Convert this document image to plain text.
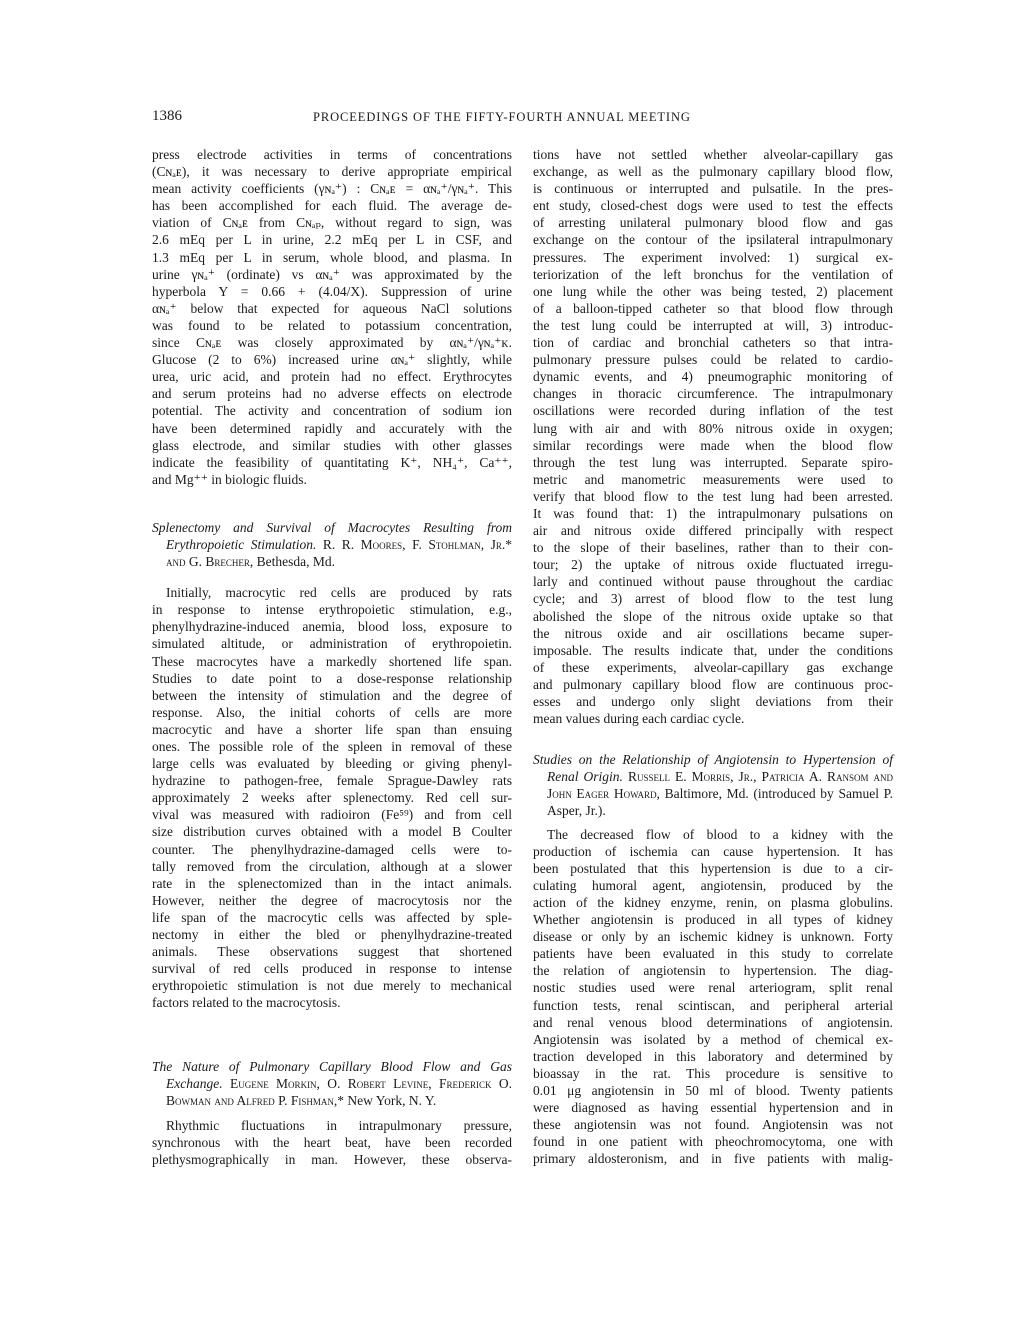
1386	PROCEEDINGS OF THE FIFTY-FOURTH ANNUAL MEETING
press electrode activities in terms of concentrations
(Cɴₐᴇ), it was necessary to derive appropriate empirical
mean activity coefficients (γɴₐ⁺) : Cɴₐᴇ = αɴₐ⁺/γɴₐ⁺. This
has been accomplished for each fluid. The average de-
viation of Cɴₐᴇ from Cɴₐₚ, without regard to sign, was
2.6 mEq per L in urine, 2.2 mEq per L in CSF, and
1.3 mEq per L in serum, whole blood, and plasma. In
urine γɴₐ⁺ (ordinate) vs αɴₐ⁺ was approximated by the
hyperbola Y = 0.66 + (4.04/X). Suppression of urine
αɴₐ⁺ below that expected for aqueous NaCl solutions
was found to be related to potassium concentration,
since Cɴₐᴇ was closely approximated by αɴₐ⁺/γɴₐ⁺ᴋ.
Glucose (2 to 6%) increased urine αɴₐ⁺ slightly, while
urea, uric acid, and protein had no effect. Erythrocytes
and serum proteins had no adverse effects on electrode
potential. The activity and concentration of sodium ion
have been determined rapidly and accurately with the
glass electrode, and similar studies with other glasses
indicate the feasibility of quantitating K⁺, NH₄⁺, Ca⁺⁺,
and Mg⁺⁺ in biologic fluids.
Splenectomy and Survival of Macrocytes Resulting from Erythropoietic Stimulation. R. R. Moores, F. Stohlman, Jr.* and G. Brecher, Bethesda, Md.
Initially, macrocytic red cells are produced by rats
in response to intense erythropoietic stimulation, e.g.,
phenylhydrazine-induced anemia, blood loss, exposure to
simulated altitude, or administration of erythropoietin.
These macrocytes have a markedly shortened life span.
Studies to date point to a dose-response relationship
between the intensity of stimulation and the degree of
response. Also, the initial cohorts of cells are more
macrocytic and have a shorter life span than ensuing
ones. The possible role of the spleen in removal of these
large cells was evaluated by bleeding or giving phenyl-
hydrazine to pathogen-free, female Sprague-Dawley rats
approximately 2 weeks after splenectomy. Red cell sur-
vival was measured with radioiron (Fe⁵⁹) and from cell
size distribution curves obtained with a model B Coulter
counter. The phenylhydrazine-damaged cells were to-
tally removed from the circulation, although at a slower
rate in the splenectomized than in the intact animals.
However, neither the degree of macrocytosis nor the
life span of the macrocytic cells was affected by sple-
nectomy in either the bled or phenylhydrazine-treated
animals. These observations suggest that shortened
survival of red cells produced in response to intense
erythropoietic stimulation is not due merely to mechanical
factors related to the macrocytosis.
The Nature of Pulmonary Capillary Blood Flow and Gas Exchange. Eugene Morkin, O. Robert Levine, Frederick O. Bowman and Alfred P. Fishman,* New York, N. Y.
Rhythmic fluctuations in intrapulmonary pressure,
synchronous with the heart beat, have been recorded
plethysmographically in man. However, these observa-
tions have not settled whether alveolar-capillary gas
exchange, as well as the pulmonary capillary blood flow,
is continuous or interrupted and pulsatile. In the pres-
ent study, closed-chest dogs were used to test the effects
of arresting unilateral pulmonary blood flow and gas
exchange on the contour of the ipsilateral intrapulmonary
pressures. The experiment involved: 1) surgical ex-
teriorization of the left bronchus for the ventilation of
one lung while the other was being tested, 2) placement
of a balloon-tipped catheter so that blood flow through
the test lung could be interrupted at will, 3) introduc-
tion of cardiac and bronchial catheters so that intra-
pulmonary pressure pulses could be related to cardio-
dynamic events, and 4) pneumographic monitoring of
changes in thoracic circumference. The intrapulmonary
oscillations were recorded during inflation of the test
lung with air and with 80% nitrous oxide in oxygen;
similar recordings were made when the blood flow
through the test lung was interrupted. Separate spiro-
metric and manometric measurements were used to
verify that blood flow to the test lung had been arrested.
It was found that: 1) the intrapulmonary pulsations on
air and nitrous oxide differed principally with respect
to the slope of their baselines, rather than to their con-
tour; 2) the uptake of nitrous oxide fluctuated irregu-
larly and continued without pause throughout the cardiac
cycle; and 3) arrest of blood flow to the test lung
abolished the slope of the nitrous oxide uptake so that
the nitrous oxide and air oscillations became super-
imposable. The results indicate that, under the conditions
of these experiments, alveolar-capillary gas exchange
and pulmonary capillary blood flow are continuous proc-
esses and undergo only slight deviations from their
mean values during each cardiac cycle.
Studies on the Relationship of Angiotensin to Hypertension of Renal Origin. Russell E. Morris, Jr., Patricia A. Ransom and John Eager Howard, Baltimore, Md. (introduced by Samuel P. Asper, Jr.).
The decreased flow of blood to a kidney with the
production of ischemia can cause hypertension. It has
been postulated that this hypertension is due to a cir-
culating humoral agent, angiotensin, produced by the
action of the kidney enzyme, renin, on plasma globulins.
Whether angiotensin is produced in all types of kidney
disease or only by an ischemic kidney is unknown. Forty
patients have been evaluated in this study to correlate
the relation of angiotensin to hypertension. The diag-
nostic studies used were renal arteriogram, split renal
function tests, renal scintiscan, and peripheral arterial
and renal venous blood determinations of angiotensin.
Angiotensin was isolated by a method of chemical ex-
traction developed in this laboratory and determined by
bioassay in the rat. This procedure is sensitive to
0.01 μg angiotensin in 50 ml of blood. Twenty patients
were diagnosed as having essential hypertension and in
these angiotensin was not found. Angiotensin was not
found in one patient with pheochromocytoma, one with
primary aldosteronism, and in five patients with malig-
